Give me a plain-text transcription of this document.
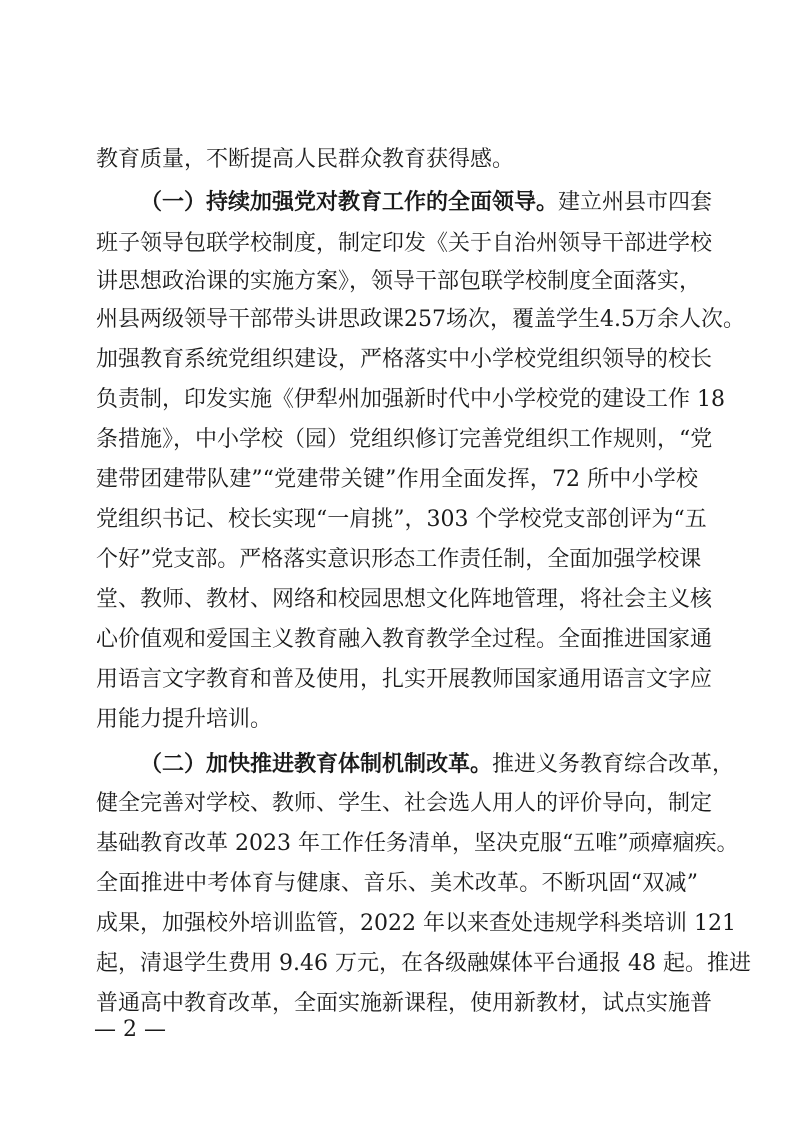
教育质量，不断提高人民群众教育获得感。
（一）持续加强党对教育工作的全面领导。建立州县市四套
班子领导包联学校制度，制定印发《关于自治州领导干部进学校
讲思想政治课的实施方案》，领导干部包联学校制度全面落实，
州县两级领导干部带头讲思政课257场次，覆盖学生4.5万余人次。
加强教育系统党组织建设，严格落实中小学校党组织领导的校长
负责制，印发实施《伊犁州加强新时代中小学校党的建设工作 18
条措施》，中小学校（园）党组织修订完善党组织工作规则，“党
建带团建带队建”“党建带关键”作用全面发挥，72 所中小学校
党组织书记、校长实现“一肩挑”，303 个学校党支部创评为“五
个好”党支部。严格落实意识形态工作责任制，全面加强学校课
堂、教师、教材、网络和校园思想文化阵地管理，将社会主义核
心价值观和爱国主义教育融入教育教学全过程。全面推进国家通
用语言文字教育和普及使用，扎实开展教师国家通用语言文字应
用能力提升培训。
（二）加快推进教育体制机制改革。推进义务教育综合改革，
健全完善对学校、教师、学生、社会选人用人的评价导向，制定
基础教育改革 2023 年工作任务清单，坚决克服“五唯”顽瘴痼疾。
全面推进中考体育与健康、音乐、美术改革。不断巩固“双减”
成果，加强校外培训监管，2022 年以来查处违规学科类培训 121
起，清退学生费用 9.46 万元，在各级融媒体平台通报 48 起。推进
普通高中教育改革，全面实施新课程，使用新教材，试点实施普
— 2 —
